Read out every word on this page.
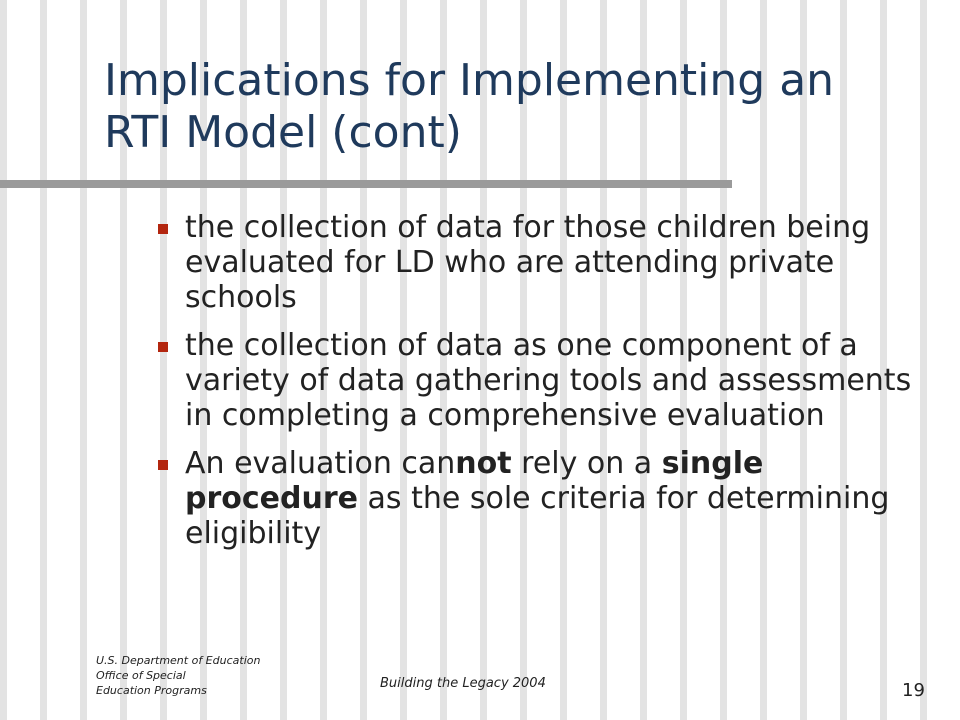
Implications for Implementing an
RTI Model (cont)
the collection of data for those children being evaluated for LD who are attending private schools
the collection of data as one component of a variety of data gathering tools and assessments in completing a comprehensive evaluation
An evaluation cannot rely on a single procedure as the sole criteria for determining eligibility
U.S. Department of Education
Office of Special
Education Programs	Building the Legacy 2004	19
